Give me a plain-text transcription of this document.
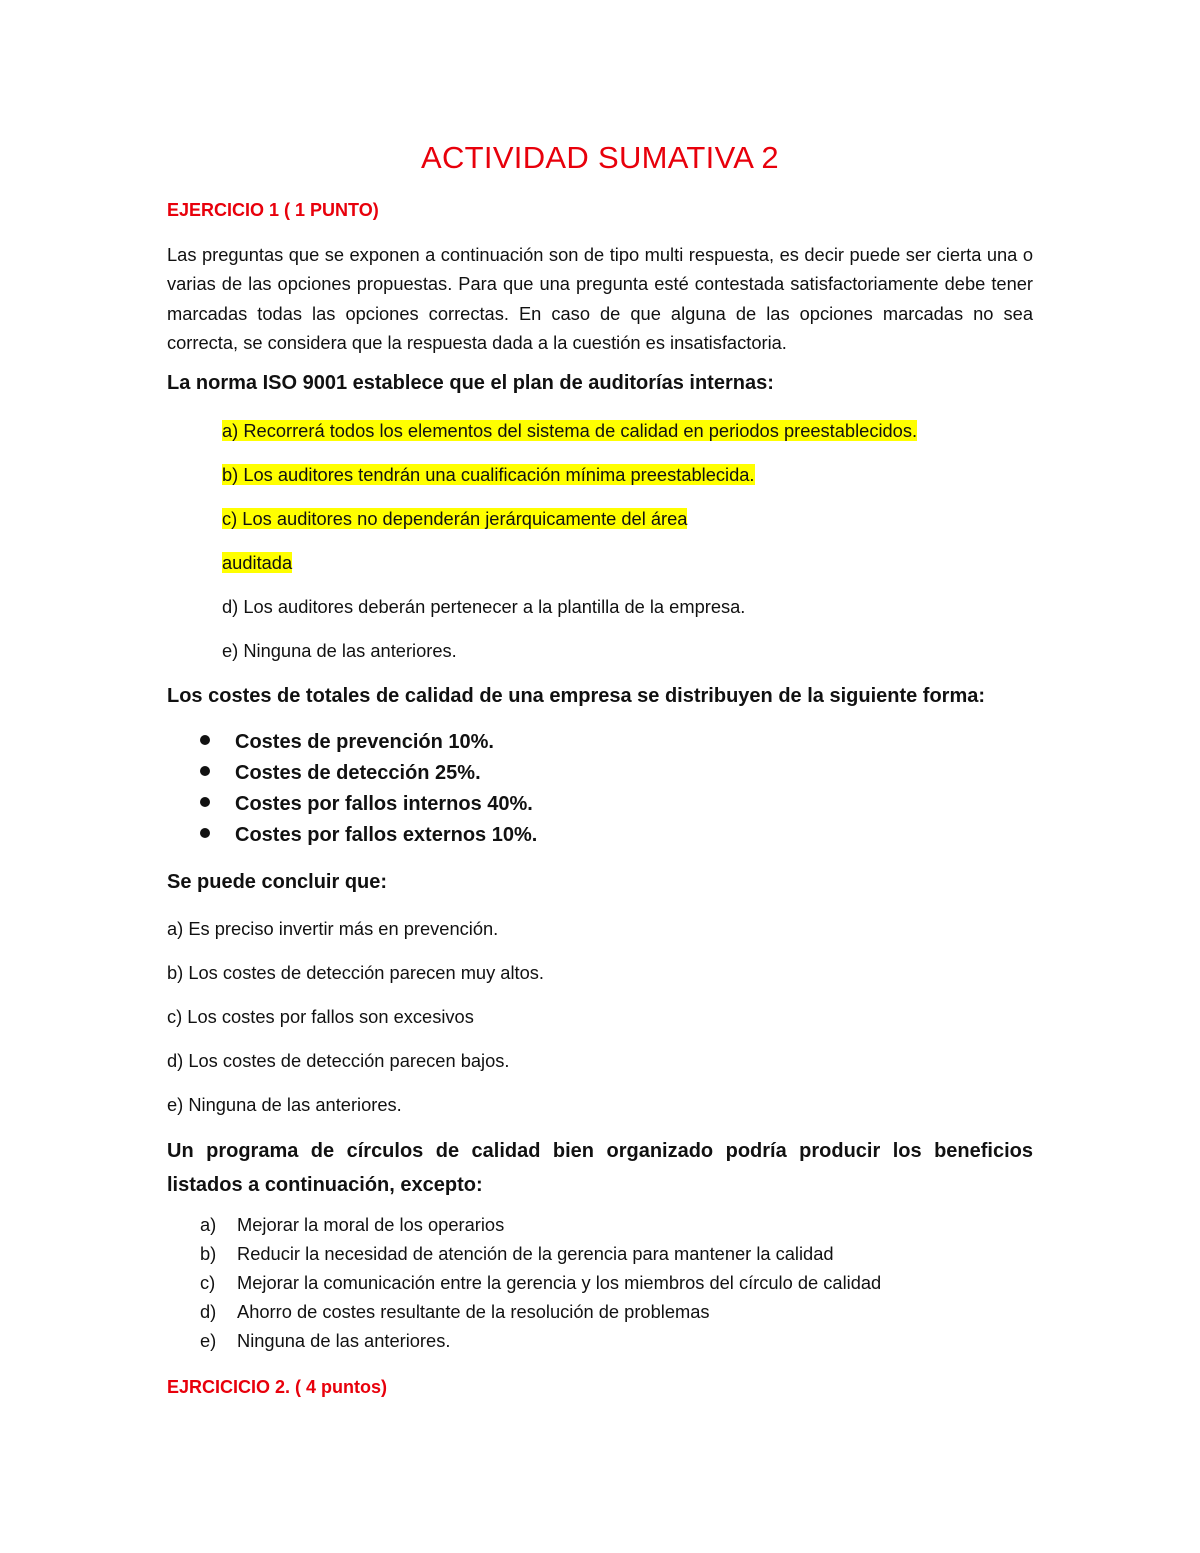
ACTIVIDAD SUMATIVA 2
EJERCICIO 1 ( 1 PUNTO)
Las preguntas que se exponen a continuación son de tipo multi respuesta, es decir puede ser cierta una o varias de las opciones propuestas. Para que una pregunta esté contestada satisfactoriamente debe tener marcadas todas las opciones correctas. En caso de que alguna de las opciones marcadas no sea correcta, se considera que la respuesta dada a la cuestión es insatisfactoria.
La norma ISO 9001 establece que el plan de auditorías internas:
a) Recorrerá todos los elementos del sistema de calidad en periodos preestablecidos.
b) Los auditores tendrán una cualificación mínima preestablecida.
c) Los auditores no dependerán jerárquicamente del área
auditada
d) Los auditores deberán pertenecer a la plantilla de la empresa.
e) Ninguna de las anteriores.
Los costes de totales de calidad de una empresa se distribuyen de la siguiente forma:
Costes de prevención 10%.
Costes de detección 25%.
Costes por fallos internos 40%.
Costes por fallos externos 10%.
Se puede concluir que:
a) Es preciso invertir más en prevención.
b) Los costes de detección parecen muy altos.
c) Los costes por fallos son excesivos
d) Los costes de detección parecen bajos.
e) Ninguna de las anteriores.
Un programa de círculos de calidad bien organizado podría producir los beneficios listados a continuación, excepto:
a) Mejorar la moral de los operarios
b) Reducir la necesidad de atención de la gerencia para mantener la calidad
c) Mejorar la comunicación entre la gerencia y los miembros del círculo de calidad
d) Ahorro de costes resultante de la resolución de problemas
e) Ninguna de las anteriores.
EJRCICICIO 2. ( 4 puntos)
